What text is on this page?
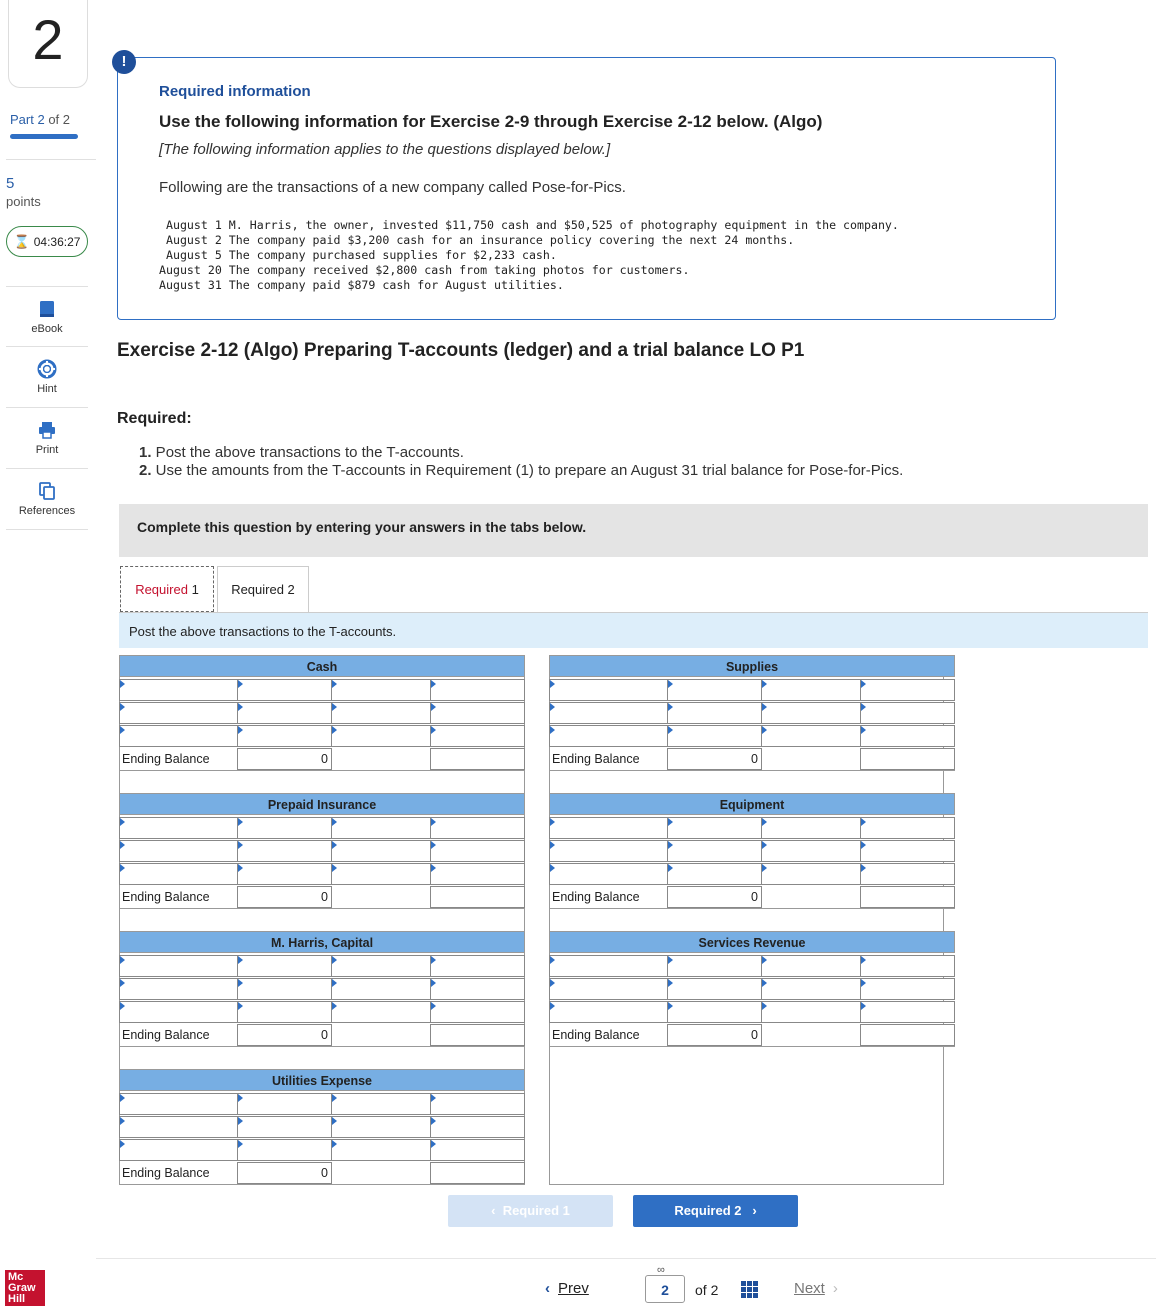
2
Part 2 of 2
5
points
⌛ 04:36:27
eBook
Hint
Print
References
Mc
Graw
Hill
!
Required information
Use the following information for Exercise 2-9 through Exercise 2-12 below. (Algo)
[The following information applies to the questions displayed below.]
Following are the transactions of a new company called Pose-for-Pics.
August 1 M. Harris, the owner, invested $11,750 cash and $50,525 of photography equipment in the company.
August 2 The company paid $3,200 cash for an insurance policy covering the next 24 months.
August 5 The company purchased supplies for $2,233 cash.
August 20 The company received $2,800 cash from taking photos for customers.
August 31 The company paid $879 cash for August utilities.
Exercise 2-12 (Algo) Preparing T-accounts (ledger) and a trial balance LO P1
Required:
1. Post the above transactions to the T-accounts.
2. Use the amounts from the T-accounts in Requirement (1) to prepare an August 31 trial balance for Pose-for-Pics.
Complete this question by entering your answers in the tabs below.
Required 1	Required 2
Post the above transactions to the T-accounts.
Cash
Ending Balance	0
Supplies
Ending Balance	0
Prepaid Insurance
Ending Balance	0
Equipment
Ending Balance	0
M. Harris, Capital
Ending Balance	0
Services Revenue
Ending Balance	0
Utilities Expense
Ending Balance	0
‹ Required 1	Required 2 ›
‹ Prev
∞
2	of 2	Next ›
